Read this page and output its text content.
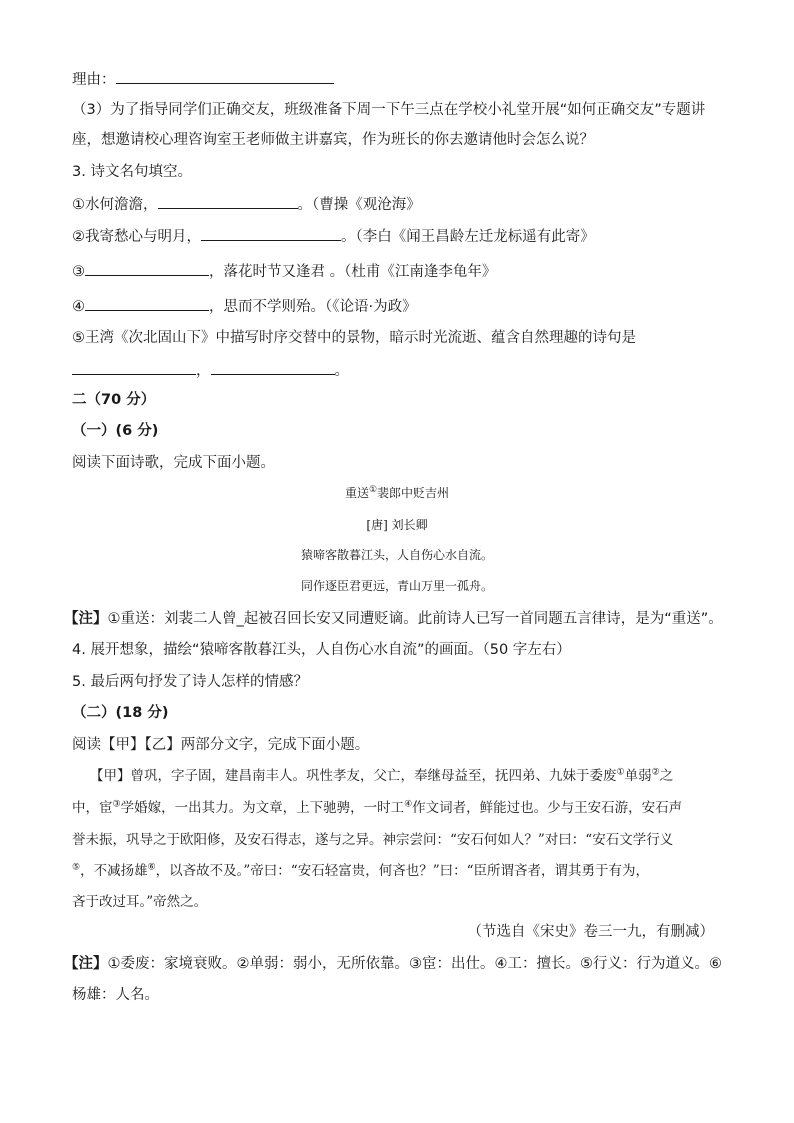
理由：
（3）为了指导同学们正确交友，班级准备下周一下午三点在学校小礼堂开展“如何正确交友”专题讲
座，想邀请校心理咨询室王老师做主讲嘉宾，作为班长的你去邀请他时会怎么说？
3. 诗文名句填空。
①水何澹澹，	。（曹操《观沧海》
②我寄愁心与明月，	。（李白《闻王昌龄左迁龙标遥有此寄》
③	，落花时节又逢君 。（杜甫《江南逢李龟年》
④	，思而不学则殆。（《论语·为政》
⑤王湾《次北固山下》中描写时序交替中的景物，暗示时光流逝、蕴含自然理趣的诗句是
，	。
二（70 分）
（一）(6 分)
阅读下面诗歌，完成下面小题。
重送①裴郎中贬吉州
[唐] 刘长卿
猿啼客散暮江头，人自伤心水自流。
同作逐臣君更远，青山万里一孤舟。
【注】①重送：刘裴二人曾_起被召回长安又同遭贬谪。此前诗人已写一首同题五言律诗，是为“重送”。
4. 展开想象，描绘“猿啼客散暮江头，人自伤心水自流”的画面。（50 字左右）
5. 最后两句抒发了诗人怎样的情感？
（二）(18 分)
阅读【甲】【乙】两部分文字，完成下面小题。
【甲】曾巩，字子固，建昌南丰人。巩性孝友，父亡，奉继母益至，抚四弟、九妹于委废①单弱②之
中，宦③学婚嫁，一出其力。为文章，上下驰骋，一时工④作文词者，鲜能过也。少与王安石游，安石声
誉未振，巩导之于欧阳修，及安石得志，遂与之异。神宗尝问：“安石何如人？”对曰：“安石文学行义
⑤，不减扬雄⑥，以吝故不及。”帝曰：“安石轻富贵，何吝也？”曰：“臣所谓吝者，谓其勇于有为，
吝于改过耳。”帝然之。
（节选自《宋史》卷三一九，有删减）
【注】①委废：家境衰败。②单弱：弱小，无所依靠。③宦：出仕。④工：擅长。⑤行义：行为道义。⑥
杨雄：人名。
